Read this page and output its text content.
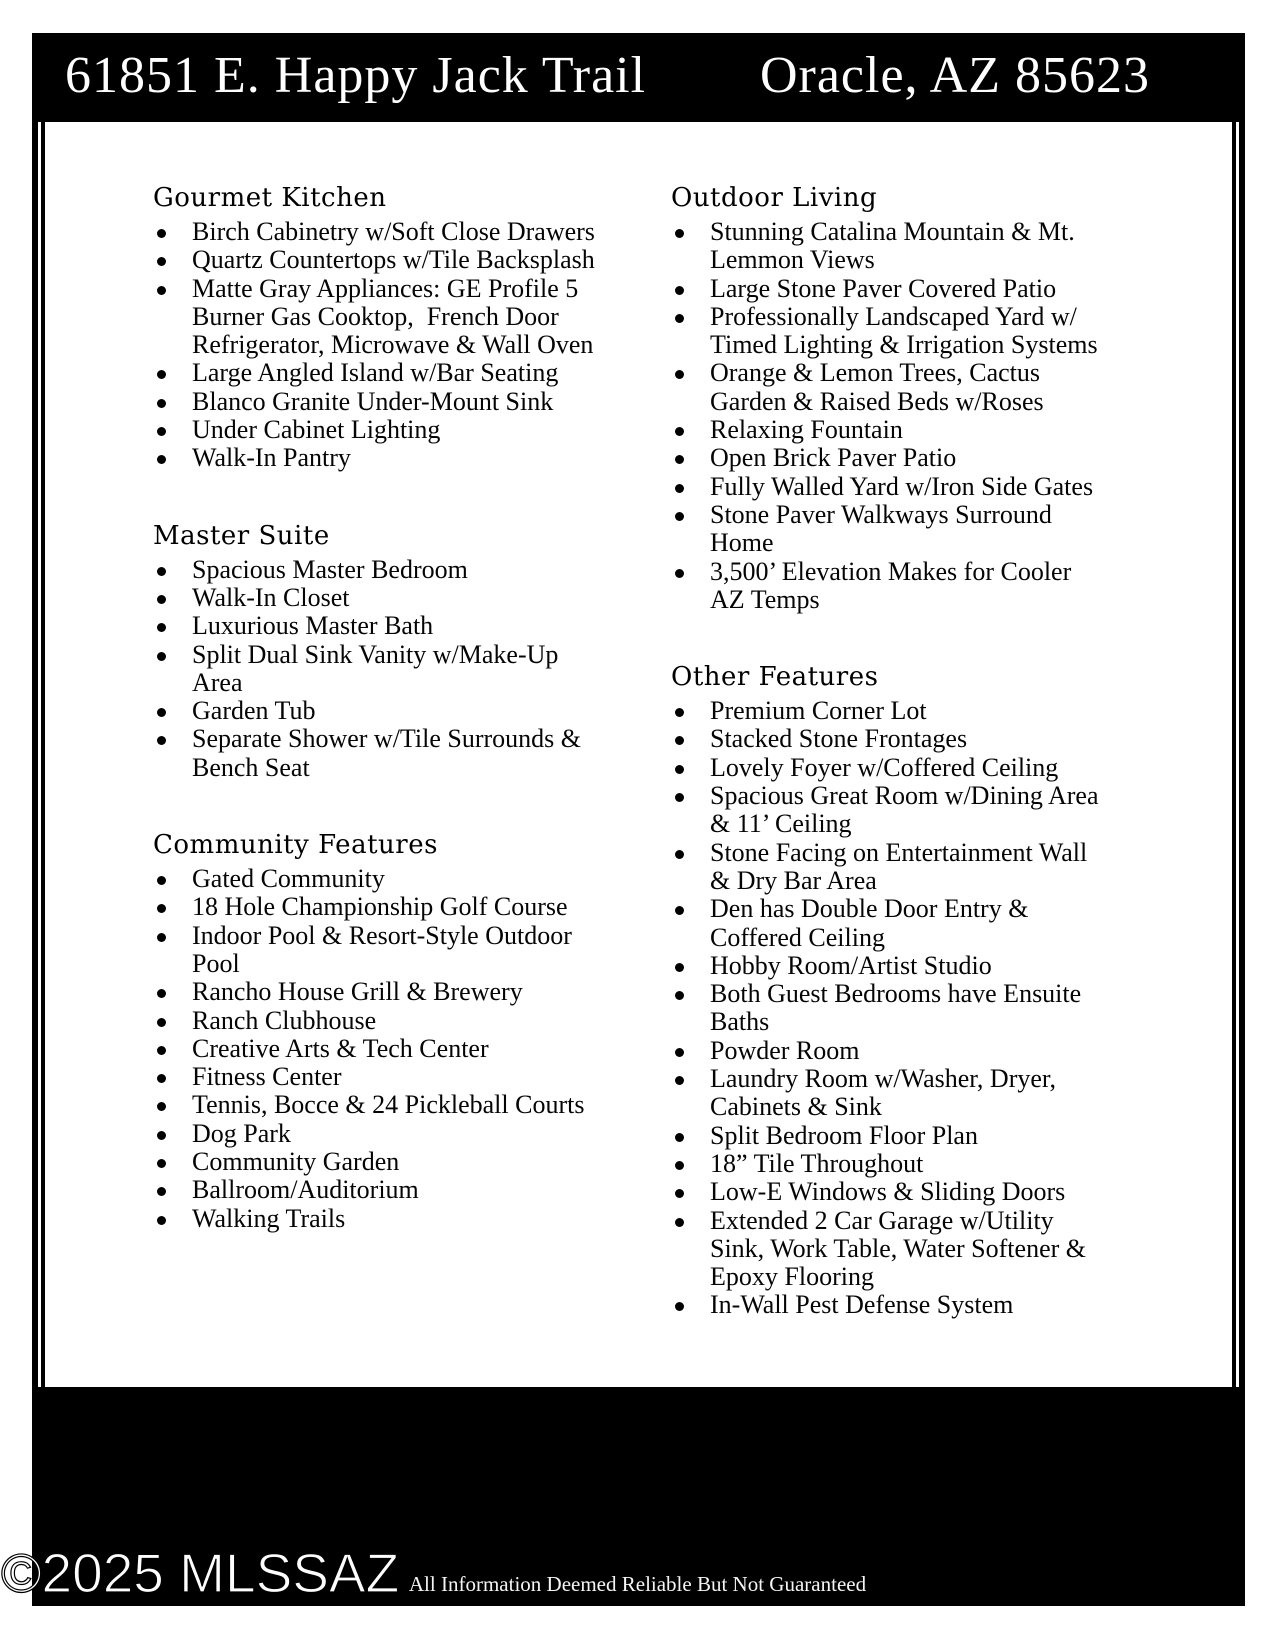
61851 E. Happy Jack Trail Oracle, AZ 85623
Gourmet Kitchen
Birch Cabinetry w/Soft Close Drawers
Quartz Countertops w/Tile Backsplash
Matte Gray Appliances: GE Profile 5 Burner Gas Cooktop,  French Door Refrigerator, Microwave & Wall Oven
Large Angled Island w/Bar Seating
Blanco Granite Under-Mount Sink
Under Cabinet Lighting
Walk-In Pantry
Master Suite
Spacious Master Bedroom
Walk-In Closet
Luxurious Master Bath
Split Dual Sink Vanity w/Make-Up Area
Garden Tub
Separate Shower w/Tile Surrounds & Bench Seat
Community Features
Gated Community
18 Hole Championship Golf Course
Indoor Pool & Resort-Style Outdoor Pool
Rancho House Grill & Brewery
Ranch Clubhouse
Creative Arts & Tech Center
Fitness Center
Tennis, Bocce & 24 Pickleball Courts
Dog Park
Community Garden
Ballroom/Auditorium
Walking Trails
Outdoor Living
Stunning Catalina Mountain & Mt. Lemmon Views
Large Stone Paver Covered Patio
Professionally Landscaped Yard w/ Timed Lighting & Irrigation Systems
Orange & Lemon Trees, Cactus Garden & Raised Beds w/Roses
Relaxing Fountain
Open Brick Paver Patio
Fully Walled Yard w/Iron Side Gates
Stone Paver Walkways Surround Home
3,500’ Elevation Makes for Cooler AZ Temps
Other Features
Premium Corner Lot
Stacked Stone Frontages
Lovely Foyer w/Coffered Ceiling
Spacious Great Room w/Dining Area & 11’ Ceiling
Stone Facing on Entertainment Wall & Dry Bar Area
Den has Double Door Entry & Coffered Ceiling
Hobby Room/Artist Studio
Both Guest Bedrooms have Ensuite Baths
Powder Room
Laundry Room w/Washer, Dryer, Cabinets & Sink
Split Bedroom Floor Plan
18” Tile Throughout
Low-E Windows & Sliding Doors
Extended 2 Car Garage w/Utility Sink, Work Table, Water Softener & Epoxy Flooring
In-Wall Pest Defense System
All Information Deemed Reliable But Not Guaranteed
©2025 MLSSAZ
